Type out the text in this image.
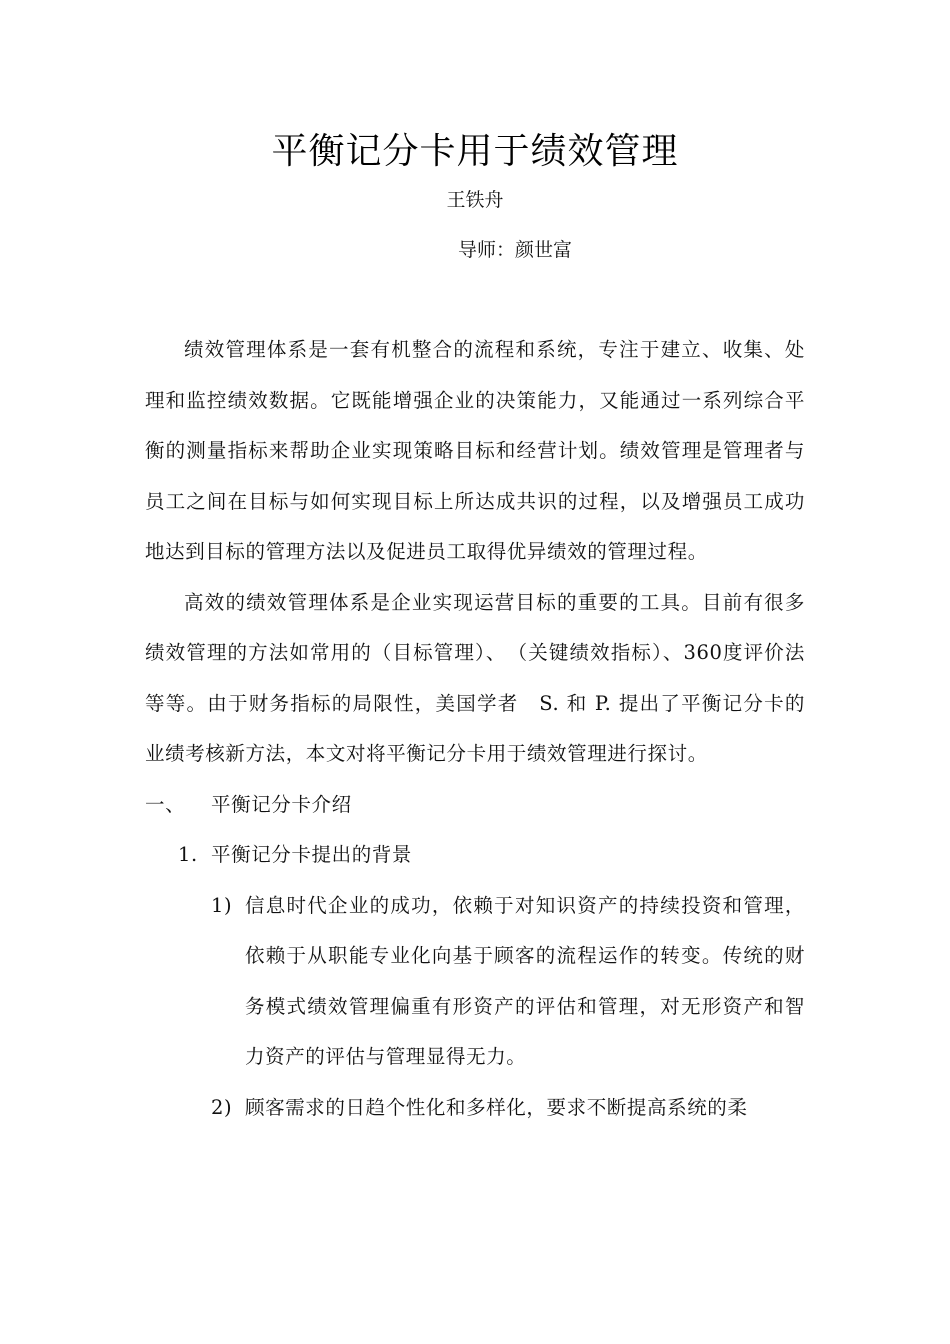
平衡记分卡用于绩效管理
王铁舟
导师：颜世富

绩效管理体系是一套有机整合的流程和系统，专注于建立、收集、处理和监控绩效数据。它既能增强企业的决策能力，又能通过一系列综合平衡的测量指标来帮助企业实现策略目标和经营计划。绩效管理是管理者与员工之间在目标与如何实现目标上所达成共识的过程，以及增强员工成功地达到目标的管理方法以及促进员工取得优异绩效的管理过程。

高效的绩效管理体系是企业实现运营目标的重要的工具。目前有很多绩效管理的方法如常用的（目标管理）、　（关键绩效指标）、360度评价法等等。由于财务指标的局限性，美国学者　S. 和 P. 提出了平衡记分卡的业绩考核新方法，本文对将平衡记分卡用于绩效管理进行探讨。

一、	平衡记分卡介绍

1. 平衡记分卡提出的背景

1) 信息时代企业的成功，依赖于对知识资产的持续投资和管理，依赖于从职能专业化向基于顾客的流程运作的转变。传统的财务模式绩效管理偏重有形资产的评估和管理，对无形资产和智力资产的评估与管理显得无力。
2) 顾客需求的日趋个性化和多样化，要求不断提高系统的柔
